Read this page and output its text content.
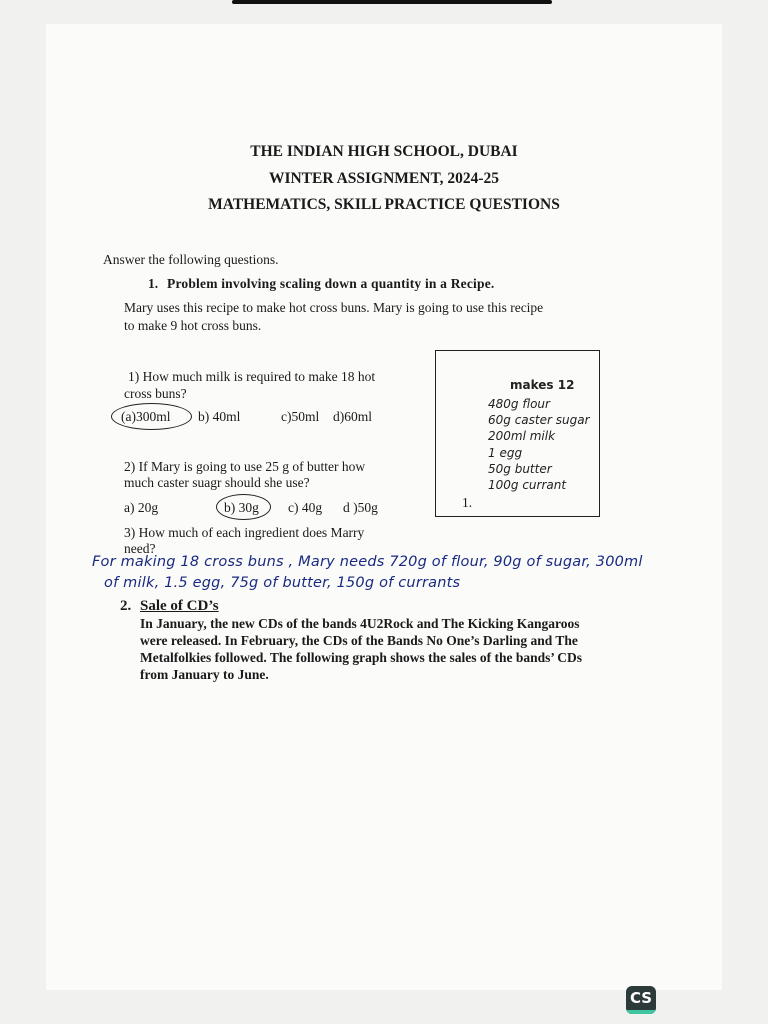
THE INDIAN HIGH SCHOOL, DUBAI
WINTER ASSIGNMENT, 2024-25
MATHEMATICS, SKILL PRACTICE QUESTIONS
Answer the following questions.
1. Problem involving scaling down a quantity in a Recipe.
Mary uses this recipe to make hot cross buns. Mary is going to use this recipe
to make 9 hot cross buns.
1) How much milk is required to make 18 hot
cross buns?
(a)300ml b) 40ml	c)50ml d)60ml
2) If Mary is going to use 25 g of butter how
much caster suagr should she use?
a) 20g	b) 30g c) 40g d )50g
3) How much of each ingredient does Marry
need?
makes 12
480g flour
60g caster sugar
200ml milk
1 egg
50g butter
100g currant
1.
For making 18 cross buns , Mary needs 720g of flour, 90g of sugar, 300ml
of milk, 1.5 egg, 75g of butter, 150g of currants
2. Sale of CD’s
In January, the new CDs of the bands 4U2Rock and The Kicking Kangaroos
were released. In February, the CDs of the Bands No One’s Darling and The
Metalfolkies followed. The following graph shows the sales of the bands’ CDs
from January to June.
CS
